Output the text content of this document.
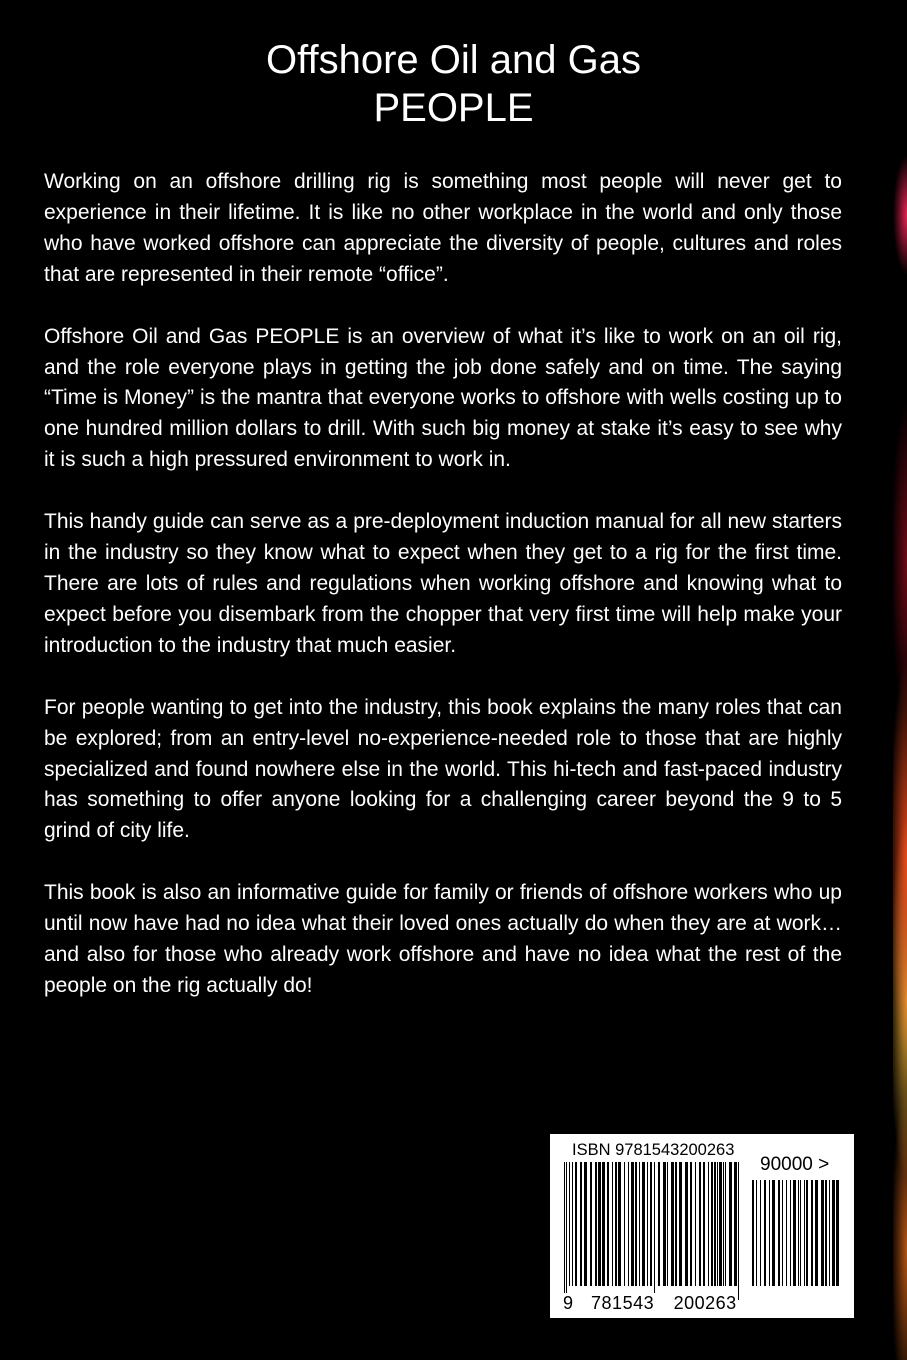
Offshore Oil and Gas
PEOPLE

Working on an offshore drilling rig is something most people will never get to experience in their lifetime. It is like no other workplace in the world and only those who have worked offshore can appreciate the diversity of people, cultures and roles that are represented in their remote “office”.

Offshore Oil and Gas PEOPLE is an overview of what it’s like to work on an oil rig, and the role everyone plays in getting the job done safely and on time. The saying “Time is Money” is the mantra that everyone works to offshore with wells costing up to one hundred million dollars to drill. With such big money at stake it’s easy to see why it is such a high pressured environment to work in.

This handy guide can serve as a pre-deployment induction manual for all new starters in the industry so they know what to expect when they get to a rig for the first time. There are lots of rules and regulations when working offshore and knowing what to expect before you disembark from the chopper that very first time will help make your introduction to the industry that much easier.

For people wanting to get into the industry, this book explains the many roles that can be explored; from an entry-level no-experience-needed role to those that are highly specialized and found nowhere else in the world. This hi-tech and fast-paced industry has something to offer anyone looking for a challenging career beyond the 9 to 5 grind of city life.

This book is also an informative guide for family or friends of offshore workers who up until now have had no idea what their loved ones actually do when they are at work…and also for those who already work offshore and have no idea what the rest of the people on the rig actually do!

ISBN 9781543200263
90000 >
9 781543 200263
